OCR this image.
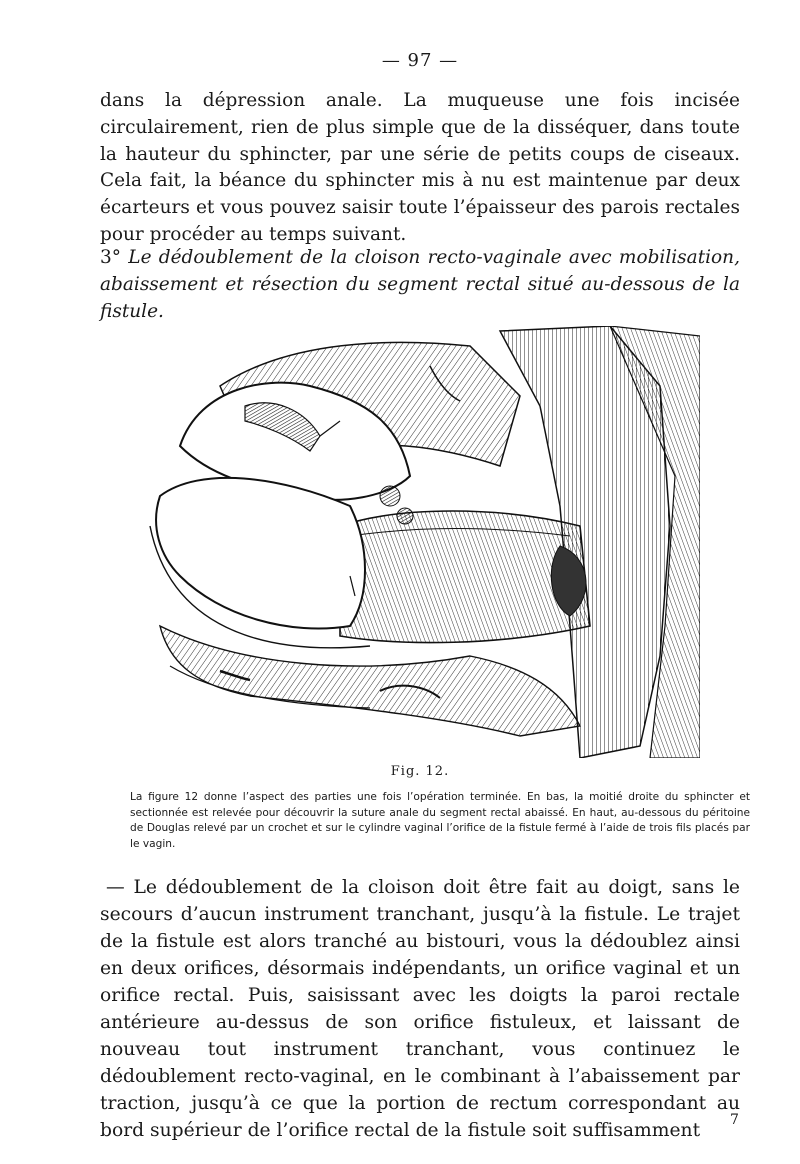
— 97 —

dans la dépression anale. La muqueuse une fois incisée circulairement, rien de plus simple que de la disséquer, dans toute la hauteur du sphincter, par une série de petits coups de ciseaux. Cela fait, la béance du sphincter mis à nu est maintenue par deux écarteurs et vous pouvez saisir toute l’épaisseur des parois rectales pour procéder au temps suivant.

3° Le dédoublement de la cloison recto-vaginale avec mobilisation, abaissement et résection du segment rectal situé au-dessous de la fistule.
Fig. 12.
La figure 12 donne l’aspect des parties une fois l’opération terminée. En bas, la moitié droite du sphincter et sectionnée est relevée pour découvrir la suture anale du segment rectal abaissé. En haut, au-dessous du péritoine de Douglas relevé par un crochet et sur le cylindre vaginal l’orifice de la fistule fermé à l’aide de trois fils placés par le vagin.

— Le dédoublement de la cloison doit être fait au doigt, sans le secours d’aucun instrument tranchant, jusqu’à la fistule. Le trajet de la fistule est alors tranché au bistouri, vous la dédoublez ainsi en deux orifices, désormais indépendants, un orifice vaginal et un orifice rectal. Puis, saisissant avec les doigts la paroi rectale antérieure au-dessus de son orifice fistuleux, et laissant de nouveau tout instrument tranchant, vous continuez le dédoublement recto-vaginal, en le combinant à l’abaissement par traction, jusqu’à ce que la portion de rectum correspondant au bord supérieur de l’orifice rectal de la fistule soit suffisamment	7
